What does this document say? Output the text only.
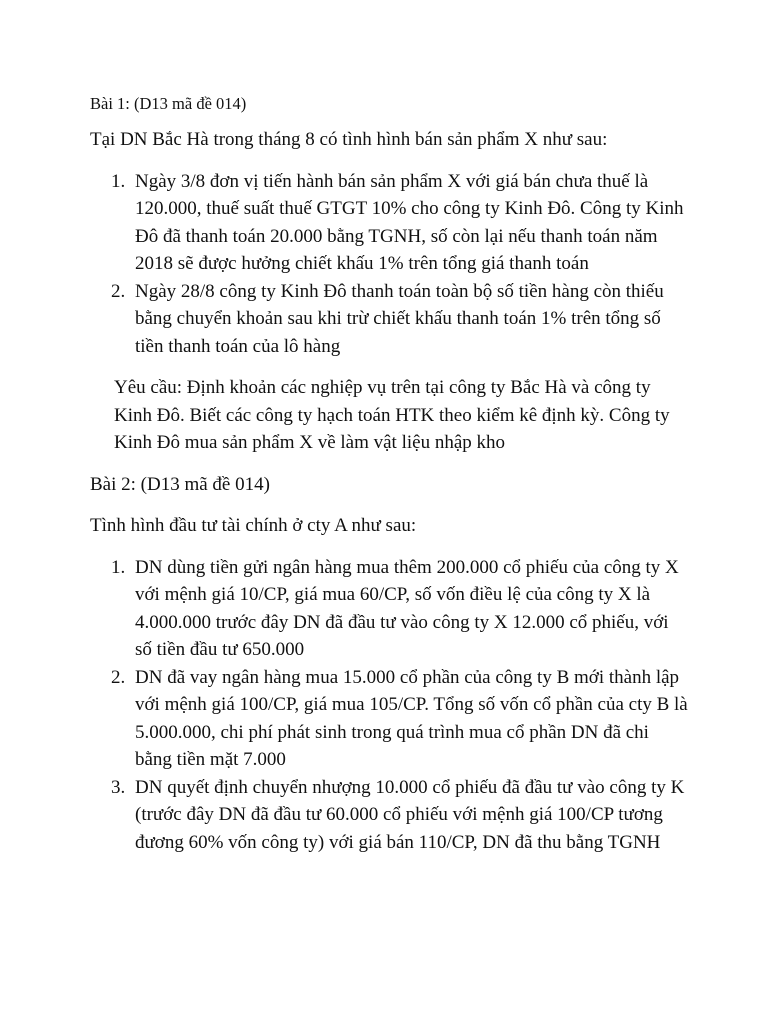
Bài 1: (D13 mã đề 014)
Tại DN Bắc Hà trong tháng 8 có tình hình bán sản phẩm X như sau:
1. Ngày 3/8 đơn vị tiến hành bán sản phẩm X với giá bán chưa thuế là 120.000, thuế suất thuế GTGT 10% cho công ty Kinh Đô. Công ty Kinh Đô đã thanh toán 20.000 bằng TGNH, số còn lại nếu thanh toán năm 2018 sẽ được hưởng chiết khấu 1% trên tổng giá thanh toán
2. Ngày 28/8 công ty Kinh Đô thanh toán toàn bộ số tiền hàng còn thiếu bằng chuyển khoản sau khi trừ chiết khấu thanh toán 1% trên tổng số tiền thanh toán của lô hàng
Yêu cầu: Định khoản các nghiệp vụ trên tại công ty Bắc Hà và công ty Kinh Đô. Biết các công ty hạch toán HTK theo kiểm kê định kỳ. Công ty Kinh Đô mua sản phẩm X về làm vật liệu nhập kho
Bài 2: (D13 mã đề 014)
Tình hình đầu tư tài chính ở cty A như sau:
1. DN dùng tiền gửi ngân hàng mua thêm 200.000 cổ phiếu của công ty X với mệnh giá 10/CP, giá mua 60/CP, số vốn điều lệ của công ty X là 4.000.000 trước đây DN đã đầu tư vào công ty X 12.000 cổ phiếu, với số tiền đầu tư 650.000
2. DN đã vay ngân hàng mua 15.000 cổ phần của công ty B mới thành lập với mệnh giá 100/CP, giá mua 105/CP. Tổng số vốn cổ phần của cty B là 5.000.000, chi phí phát sinh trong quá trình mua cổ phần DN đã chi bằng tiền mặt 7.000
3. DN quyết định chuyển nhượng 10.000 cổ phiếu đã đầu tư vào công ty K (trước đây DN đã đầu tư 60.000 cổ phiếu với mệnh giá 100/CP tương đương 60% vốn công ty) với giá bán 110/CP, DN đã thu bằng TGNH
